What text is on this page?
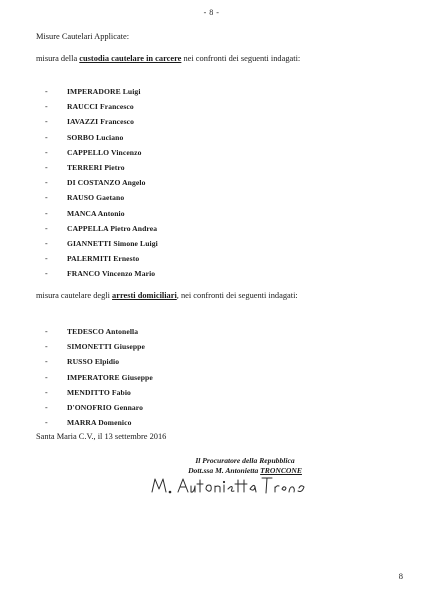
- 8 -
Misure Cautelari Applicate:
misura della custodia cautelare in carcere nei confronti dei seguenti indagati:
-	IMPERADORE Luigi
-	RAUCCI Francesco
-	IAVAZZI Francesco
-	SORBO Luciano
-	CAPPELLO Vincenzo
-	TERRERI Pietro
-	DI COSTANZO Angelo
-	RAUSO Gaetano
-	MANCA Antonio
-	CAPPELLA Pietro Andrea
-	GIANNETTI Simone Luigi
-	PALERMITI Ernesto
-	FRANCO Vincenzo Mario
misura cautelare degli arresti domiciliari, nei confronti dei seguenti indagati:
-	TEDESCO Antonella
-	SIMONETTI Giuseppe
-	RUSSO Elpidio
-	IMPERATORE Giuseppe
-	MENDITTO Fabio
-	D'ONOFRIO Gennaro
-	MARRA Domenico
Santa Maria C.V., il 13 settembre 2016
Il Procuratore della Repubblica
Dott.ssa M. Antonietta TRONCONE
8
